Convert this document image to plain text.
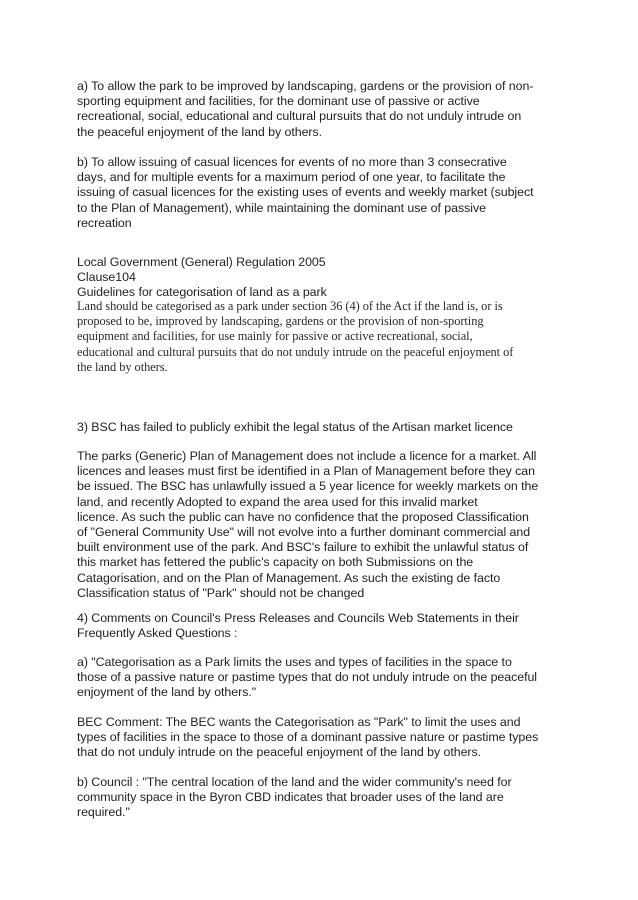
a) To allow the park to be improved by landscaping, gardens or the provision of non-
sporting equipment and facilities, for the dominant use of passive or active
recreational, social, educational and cultural pursuits that do not unduly intrude on
the peaceful enjoyment of the land by others.
b) To allow issuing of casual licences for events of no more than 3 consecrative
days, and for multiple events for a maximum period of one year, to facilitate the
issuing of casual licences for the existing uses of events and weekly market (subject
to the Plan of Management), while maintaining the dominant use of passive
recreation
Local Government (General) Regulation 2005
Clause104
Guidelines for categorisation of land as a park
Land should be categorised as a park under section 36 (4) of the Act if the land is, or is
proposed to be, improved by landscaping, gardens or the provision of non-sporting
equipment and facilities, for use mainly for passive or active recreational, social,
educational and cultural pursuits that do not unduly intrude on the peaceful enjoyment of
the land by others.
3) BSC has failed to publicly exhibit the legal status of the Artisan market licence
The parks (Generic) Plan of Management does not include a licence for a market. All
licences and leases must first be identified in a Plan of Management before they can
be issued. The BSC has unlawfully issued a 5 year licence for weekly markets on the
land, and recently Adopted to expand the area used for this invalid market
licence. As such the public can have no confidence that the proposed Classification
of "General Community Use" will not evolve into a further dominant commercial and
built environment use of the park. And BSC's failure to exhibit the unlawful status of
this market has fettered the public's capacity on both Submissions on the
Catagorisation, and on the Plan of Management. As such the existing de facto
Classification status of "Park" should not be changed
4) Comments on Council's Press Releases and Councils Web Statements in their
Frequently Asked Questions :
a) "Categorisation as a Park limits the uses and types of facilities in the space to
those of a passive nature or pastime types that do not unduly intrude on the peaceful
enjoyment of the land by others."
BEC Comment: The BEC wants the Categorisation as "Park" to limit the uses and
types of facilities in the space to those of a dominant passive nature or pastime types
that do not unduly intrude on the peaceful enjoyment of the land by others.
b) Council : "The central location of the land and the wider community's need for
community space in the Byron CBD indicates that broader uses of the land are
required."
